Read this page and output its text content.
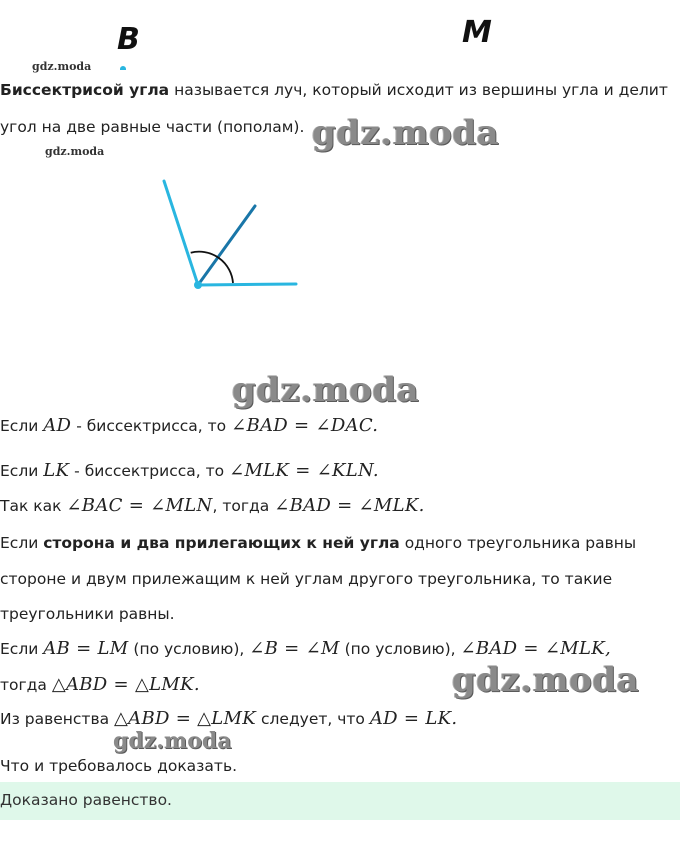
B	M
gdz.moda
gdz.moda
Биссектрисой угла называется луч, который исходит из вершины угла и делит
угол на две равные части (пополам). gdz.moda
gdz.moda
Если AD - биссектрисса, то ∠BAD = ∠DAC.
Если LK - биссектрисса, то ∠MLK = ∠KLN.
Так как ∠BAC = ∠MLN, тогда ∠BAD = ∠MLK.
Если сторона и два прилегающих к ней угла одного треугольника равны
стороне и двум прилежащим к ней углам другого треугольника, то такие
треугольники равны.
Если AB = LM (по условию), ∠B = ∠M (по условию), ∠BAD = ∠MLK,
тогда △ABD = △LMK.	gdz.moda
Из равенства △ABD = △LMK следует, что AD = LK.
gdz.moda
Что и требовалось доказать.
Доказано равенство.
